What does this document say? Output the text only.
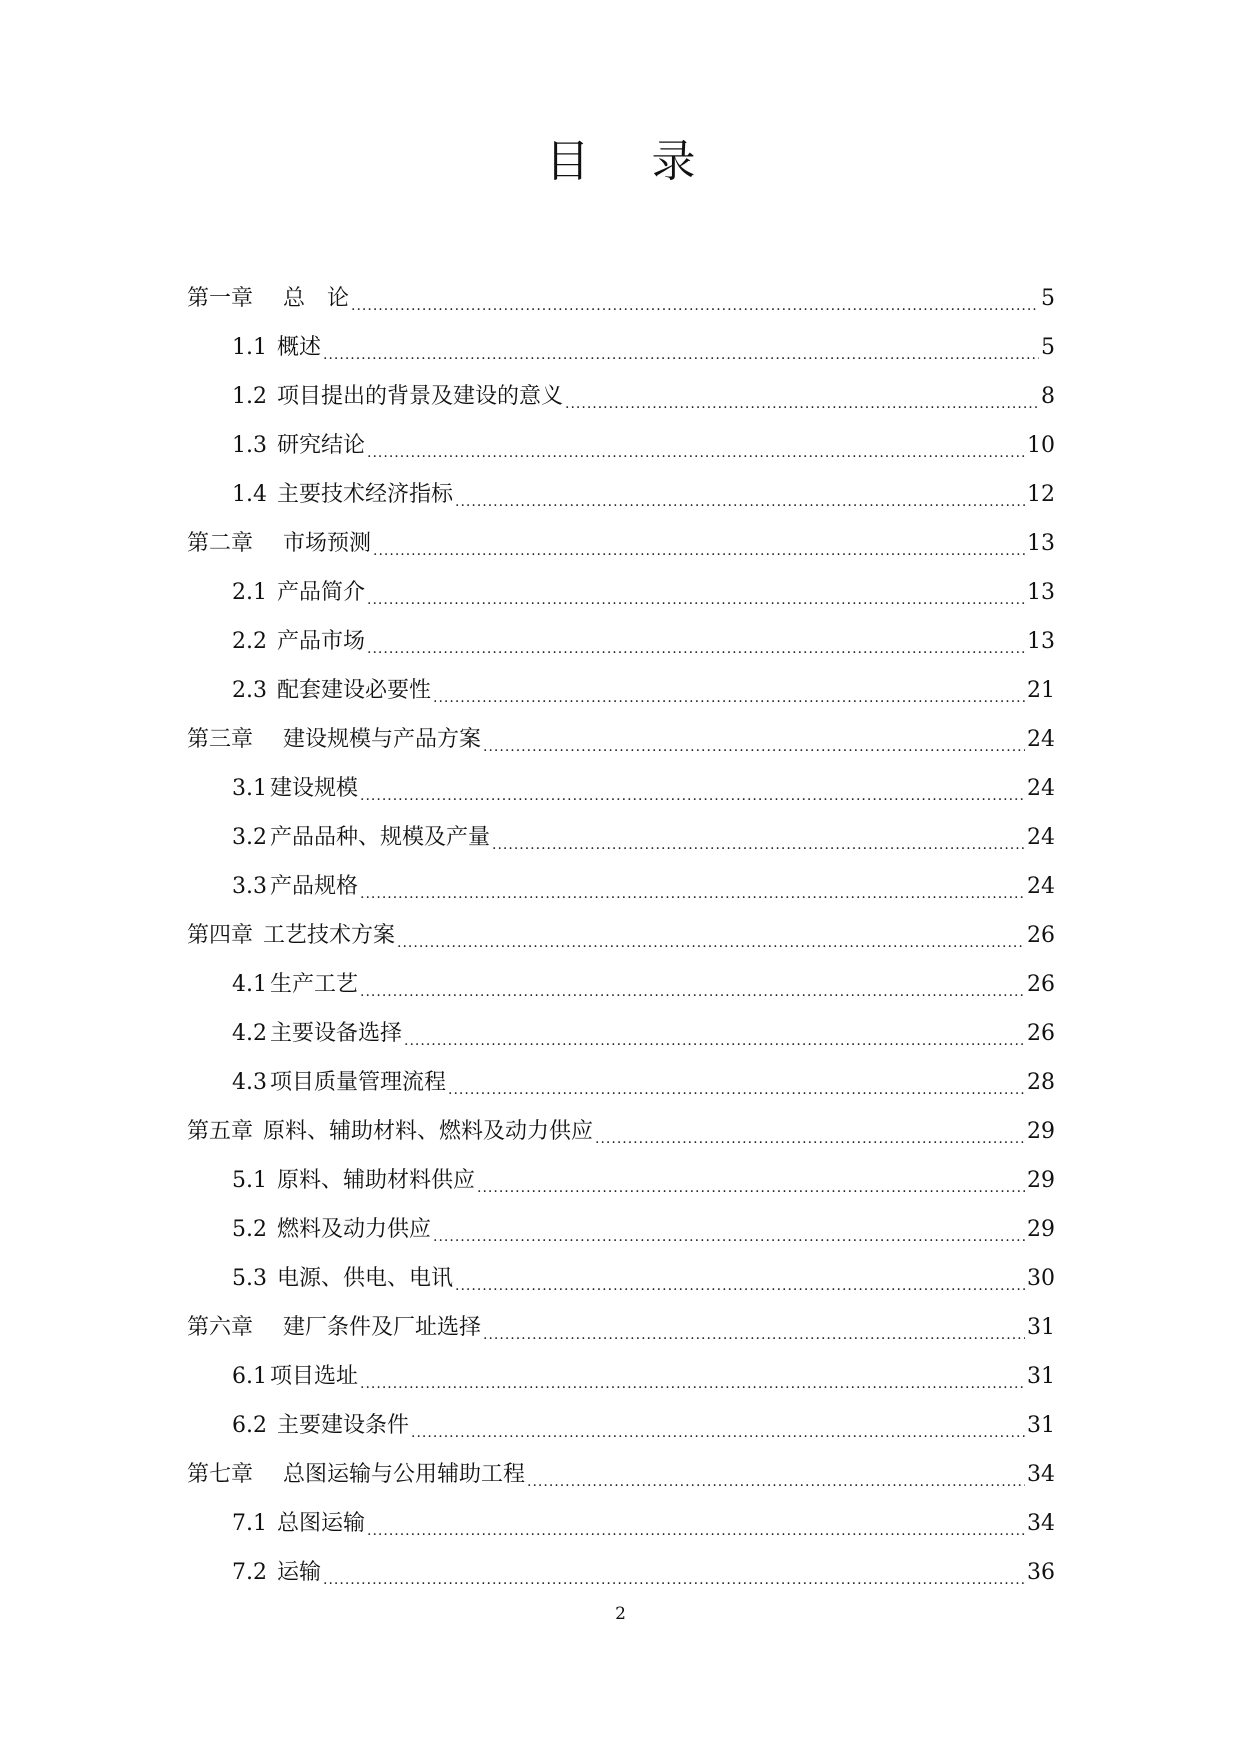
目 录
第一章 总　论 .....	5
1.1 概述 .....	5
1.2 项目提出的背景及建设的意义 .....	8
1.3 研究结论 .....	10
1.4 主要技术经济指标 .....	12
第二章 市场预测 .....	13
2.1 产品简介 .....	13
2.2 产品市场 .....	13
2.3 配套建设必要性 .....	21
第三章 建设规模与产品方案 .....	24
3.1 建设规模 .....	24
3.2 产品品种、规模及产量 .....	24
3.3 产品规格 .....	24
第四章 工艺技术方案 .....	26
4.1 生产工艺 .....	26
4.2 主要设备选择 .....	26
4.3 项目质量管理流程 .....	28
第五章 原料、辅助材料、燃料及动力供应 .....	29
5.1 原料、辅助材料供应 .....	29
5.2 燃料及动力供应 .....	29
5.3 电源、供电、电讯 .....	30
第六章 建厂条件及厂址选择 .....	31
6.1 项目选址 .....	31
6.2 主要建设条件 .....	31
第七章 总图运输与公用辅助工程 .....	34
7.1 总图运输 .....	34
7.2 运输 .....	36
2
